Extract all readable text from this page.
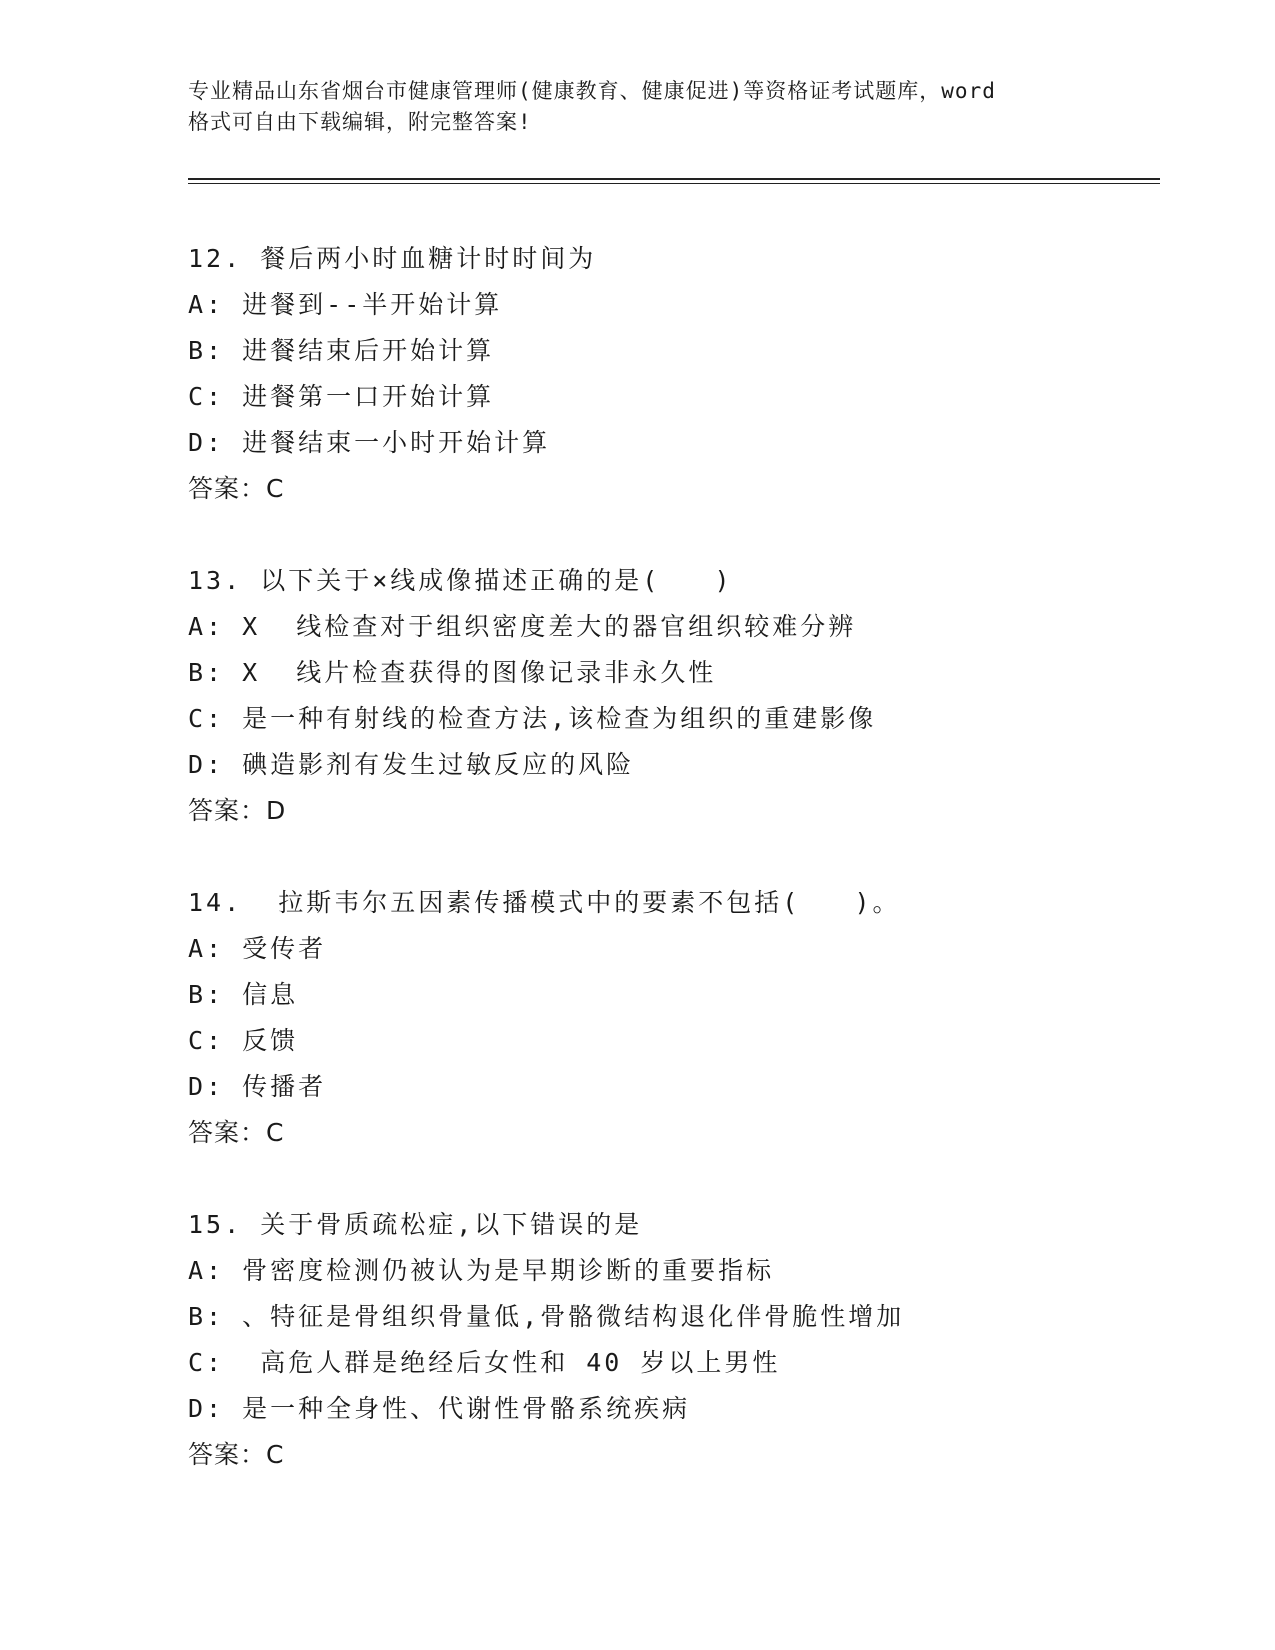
专业精品山东省烟台市健康管理师(健康教育、健康促进)等资格证考试题库，word
格式可自由下载编辑，附完整答案!
12. 餐后两小时血糖计时时间为
A: 进餐到--半开始计算
B: 进餐结束后开始计算
C: 进餐第一口开始计算
D: 进餐结束一小时开始计算
答案：C
13. 以下关于×线成像描述正确的是(   )
A: X  线检查对于组织密度差大的器官组织较难分辨
B: X  线片检查获得的图像记录非永久性
C: 是一种有射线的检查方法,该检查为组织的重建影像
D: 碘造影剂有发生过敏反应的风险
答案：D
14.  拉斯韦尔五因素传播模式中的要素不包括(   )。
A: 受传者
B: 信息
C: 反馈
D: 传播者
答案：C
15. 关于骨质疏松症,以下错误的是
A: 骨密度检测仍被认为是早期诊断的重要指标
B: 、特征是骨组织骨量低,骨骼微结构退化伴骨脆性增加
C:  高危人群是绝经后女性和 40 岁以上男性
D: 是一种全身性、代谢性骨骼系统疾病
答案：C
